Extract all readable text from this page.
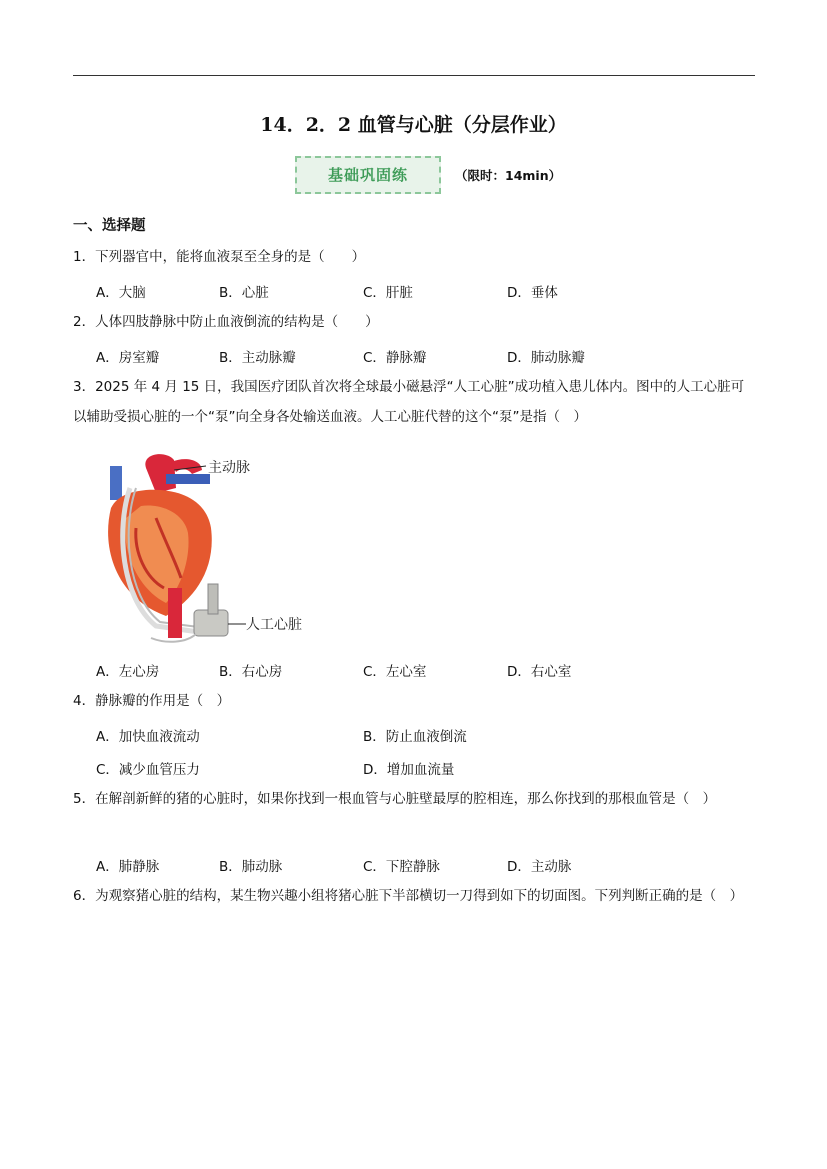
14．2．2 血管与心脏（分层作业）
基础巩固练	（限时：14min）
一、选择题
1．下列器官中，能将血液泵至全身的是（　　）
A．大脑	B．心脏	C．肝脏	D．垂体
2．人体四肢静脉中防止血液倒流的结构是（　　）
A．房室瓣	B．主动脉瓣	C．静脉瓣	D．肺动脉瓣
3．2025 年 4 月 15 日，我国医疗团队首次将全球最小磁悬浮“人工心脏”成功植入患儿体内。图中的人工心脏可以辅助受损心脏的一个“泵”向全身各处输送血液。人工心脏代替的这个“泵”是指（　）
主动脉
人工心脏
A．左心房	B．右心房	C．左心室	D．右心室
4．静脉瓣的作用是（　）
A．加快血液流动	B．防止血液倒流
C．减少血管压力	D．增加血流量
5．在解剖新鲜的猪的心脏时，如果你找到一根血管与心脏壁最厚的腔相连，那么你找到的那根血管是（　）
A．肺静脉	B．肺动脉	C．下腔静脉	D．主动脉
6．为观察猪心脏的结构，某生物兴趣小组将猪心脏下半部横切一刀得到如下的切面图。下列判断正确的是（　）
